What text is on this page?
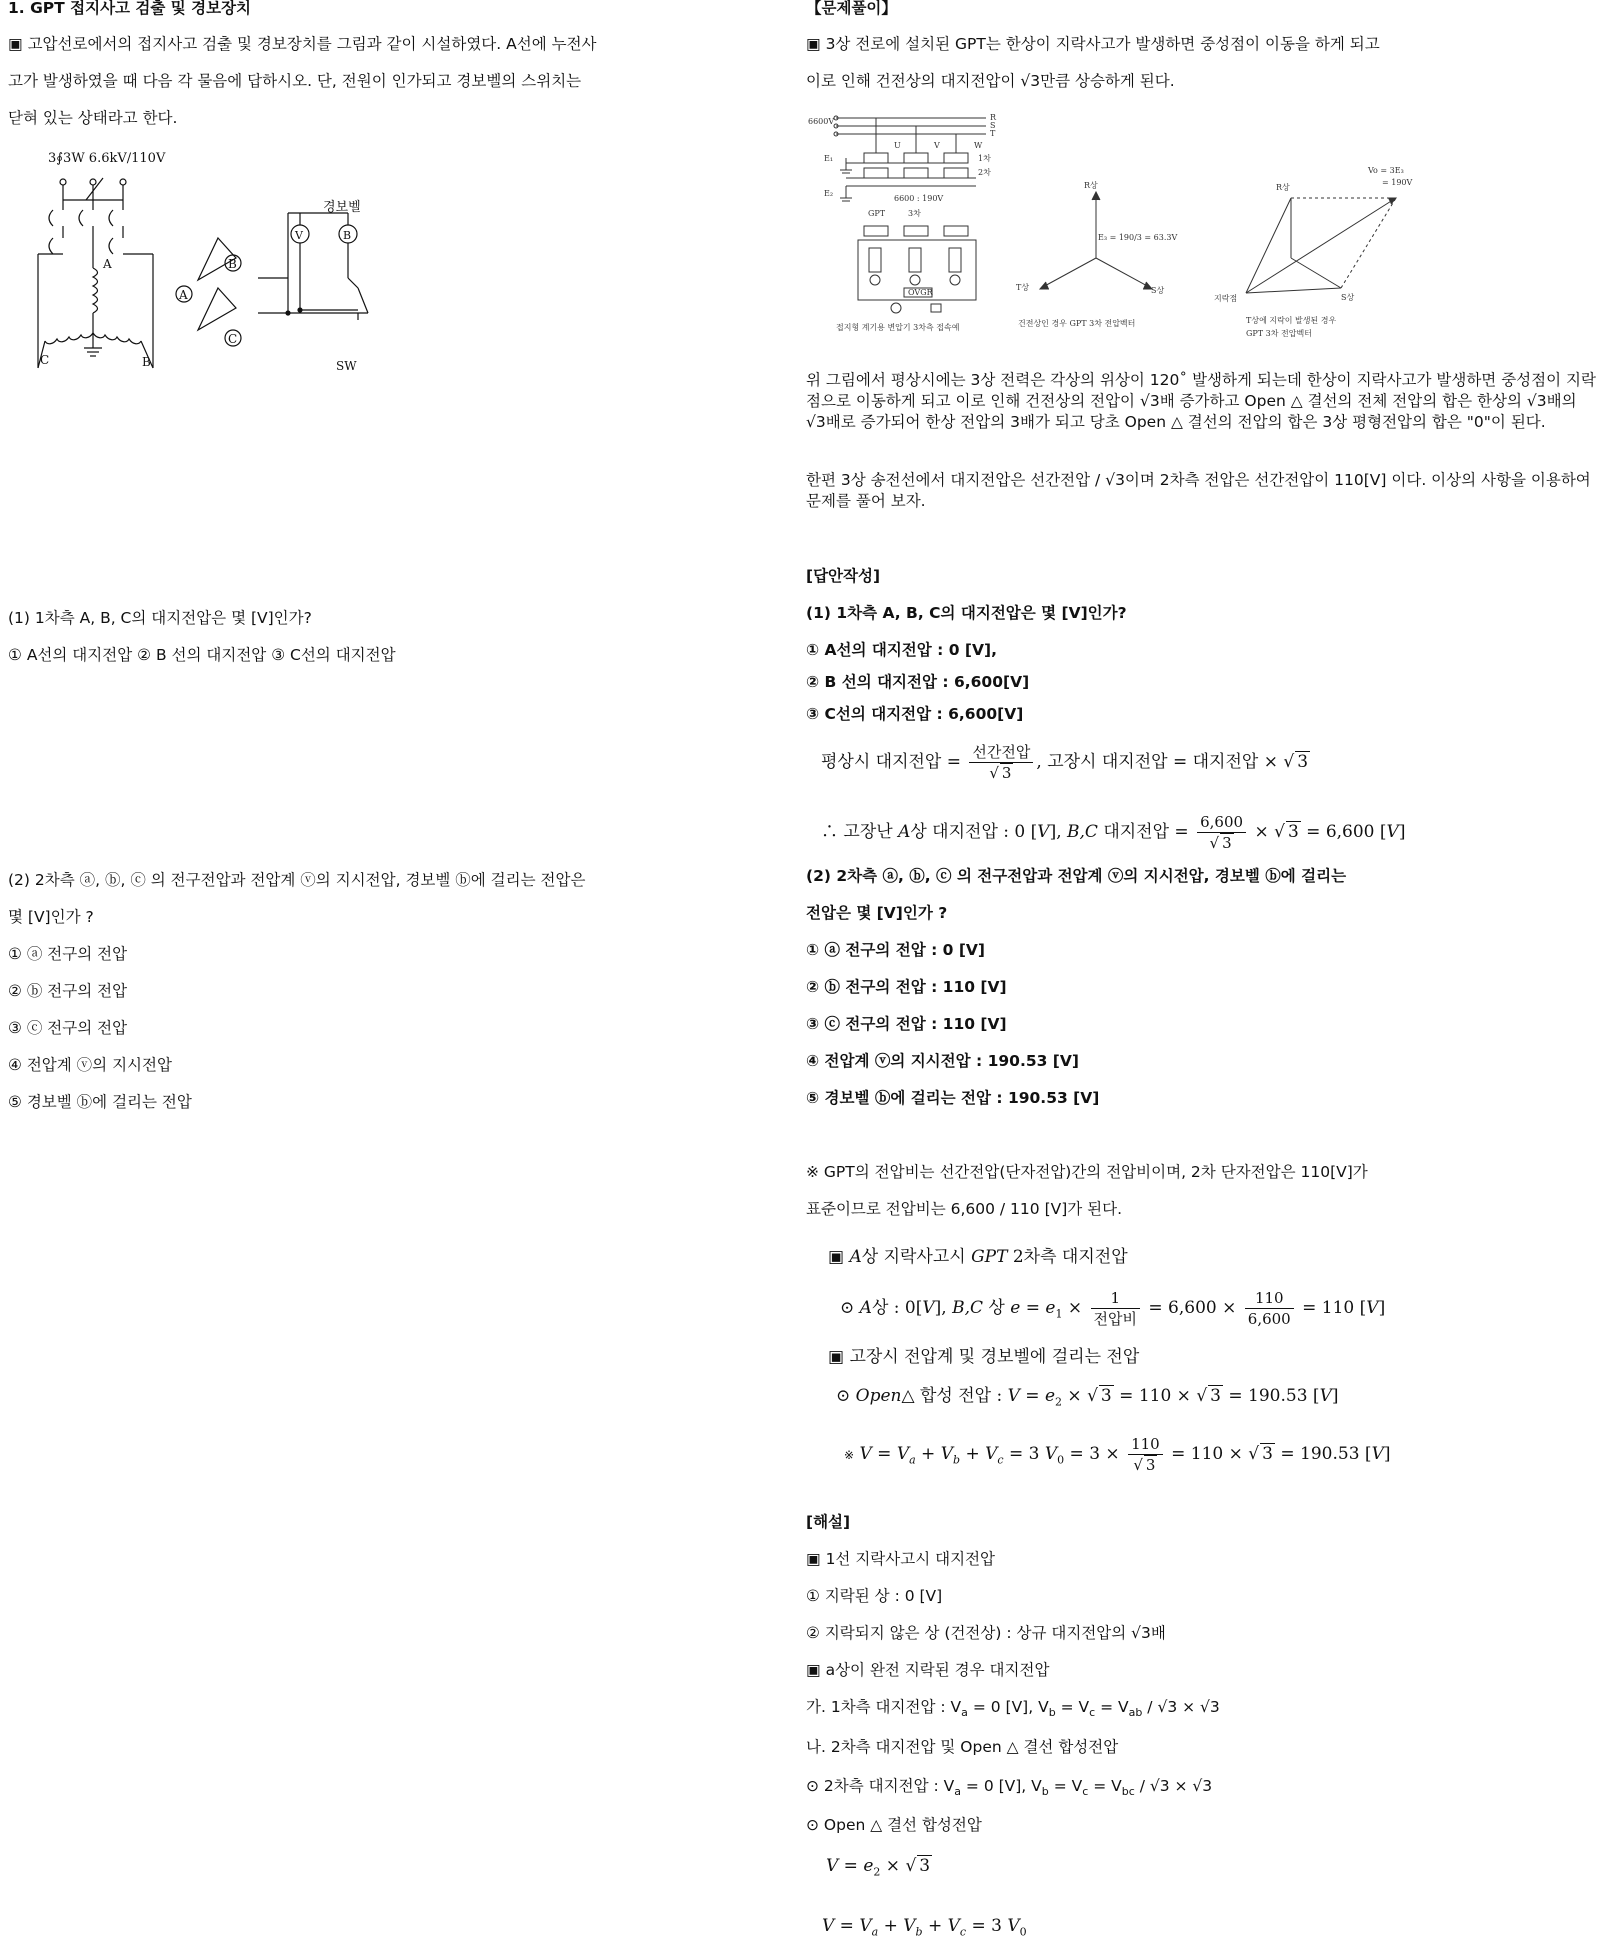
1. GPT 접지사고 검출 및 경보장치
▣ 고압선로에서의 접지사고 검출 및 경보장치를 그림과 같이 시설하였다. A선에 누전사
고가 발생하였을 때 다음 각 물음에 답하시오. 단, 전원이 인가되고 경보벨의 스위치는
닫혀 있는 상태라고 한다.
3∮3W 6.6kV/110V
경보벨
SW
A
B
C
A
B
C
V	B
(1) 1차측 A, B, C의 대지전압은 몇 [V]인가?
① A선의 대지전압 ② B 선의 대지전압 ③ C선의 대지전압
(2) 2차측 ⓐ, ⓑ, ⓒ 의 전구전압과 전압계 ⓥ의 지시전압, 경보벨 ⓑ에 걸리는 전압은
몇 [V]인가 ?
① ⓐ 전구의 전압
② ⓑ 전구의 전압
③ ⓒ 전구의 전압
④ 전압계 ⓥ의 지시전압
⑤ 경보벨 ⓑ에 걸리는 전압
【문제풀이】
▣ 3상 전로에 설치된 GPT는 한상이 지락사고가 발생하면 중성점이 이동을 하게 되고
이로 인해 건전상의 대지전압이 √3만큼 상승하게 된다.
6600V	R
S
T
U	V	W
1차
2차
E₁
E₂
6600 : 190V
GPT	3차
OVGR
접지형 계기용 변압기 3차측 접속예	건전상인 경우 GPT 3차 전압벡터	T상에 지락이 발생된 경우
GPT 3차 전압벡터
R상
T상	S상
E₃ = 190/3 = 63.3V
R상
S상
지락점
Vo = 3E₃
= 190V
위 그림에서 평상시에는 3상 전력은 각상의 위상이 120˚ 발생하게 되는데 한상이 지락사고가 발생하면 중성점이 지락점으로 이동하게 되고 이로 인해 건전상의 전압이 √3배 증가하고 Open △ 결선의 전체 전압의 합은 한상의 √3배의 √3배로 증가되어 한상 전압의 3배가 되고 당초 Open △ 결선의 전압의 합은 3상 평형전압의 합은 "0"이 된다.
한편 3상 송전선에서 대지전압은 선간전압 / √3이며 2차측 전압은 선간전압이 110[V] 이다. 이상의 사항을 이용하여 문제를 풀어 보자.
[답안작성]
(1) 1차측 A, B, C의 대지전압은 몇 [V]인가?
① A선의 대지전압 : 0 [V],
② B 선의 대지전압 : 6,600[V]
③ C선의 대지전압 : 6,600[V]
평상시 대지전압 = $\frac{\text{선간전압}}{√ 3}$ , 고장시 대지전압 = 대지전압 × √ 3
∴ 고장난 A상 대지전압 : 0 [V], B,C 대지전압 = $\frac{6,600}{√ 3}$ × √ 3 = 6,600 [V]
(2) 2차측 ⓐ, ⓑ, ⓒ 의 전구전압과 전압계 ⓥ의 지시전압, 경보벨 ⓑ에 걸리는
전압은 몇 [V]인가 ?
① ⓐ 전구의 전압 : 0 [V]
② ⓑ 전구의 전압 : 110 [V]
③ ⓒ 전구의 전압 : 110 [V]
④ 전압계 ⓥ의 지시전압 : 190.53 [V]
⑤ 경보벨 ⓑ에 걸리는 전압 : 190.53 [V]
※ GPT의 전압비는 선간전압(단자전압)간의 전압비이며, 2차 단자전압은 110[V]가
표준이므로 전압비는 6,600 / 110 [V]가 된다.
▣ A상 지락사고시 GPT 2차측 대지전압
⊙ A상 : 0[V], B,C 상 $e = e_1 \times \frac{1}{\text{전압비}} = 6,600 \times \frac{110}{6,600} = 110$ [V]
▣ 고장시 전압계 및 경보벨에 걸리는 전압
⊙ Open△ 합성 전압 : $V = e_2$ × √ 3 = 110 × √ 3 = 190.53 [V]
※ $V = V_a + V_b + V_c = 3$ $V_0 = 3 \times \frac{110}{√ 3} = 110$ × √ 3 = 190.53 [V]
[해설]
▣ 1선 지락사고시 대지전압
① 지락된 상 : 0 [V]
② 지락되지 않은 상 (건전상) : 상규 대지전압의 √3배
▣ a상이 완전 지락된 경우 대지전압
가. 1차측 대지전압 : $V_a = 0$ [V], $V_b = V_c = V_{ab} / √3 \times √3$
나. 2차측 대지전압 및 Open △ 결선 합성전압
⊙ 2차측 대지전압 : $V_a = 0$ [V], $V_b = V_c = V_{bc} / √3 \times √3$
⊙ Open △ 결선 합성전압
$V = e_2$ × √ 3
$V = V_a + V_b + V_c = 3$ $V_0$
